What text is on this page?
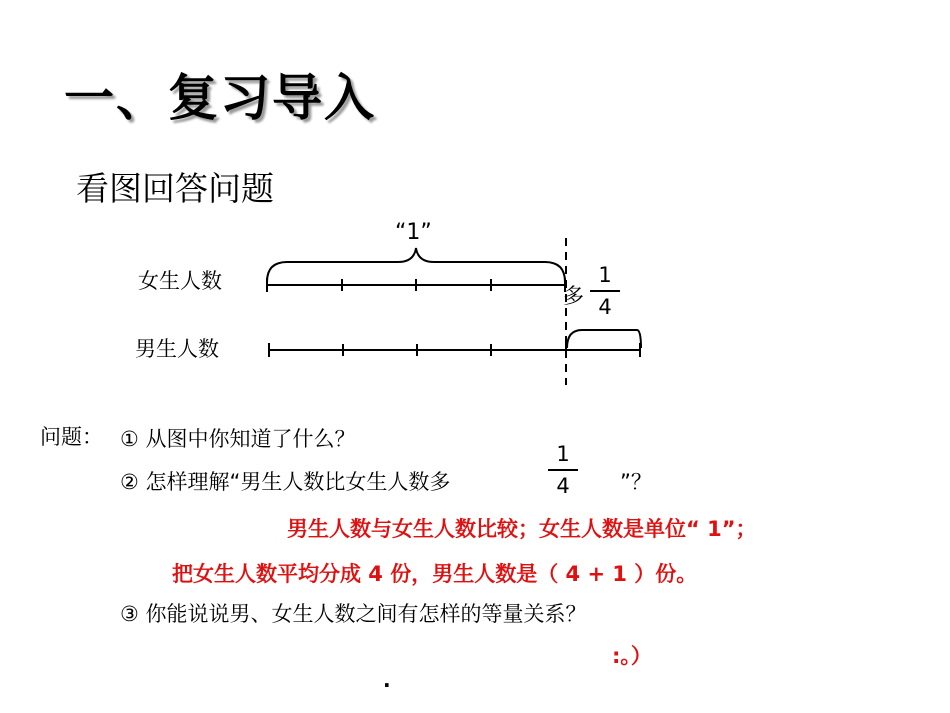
一、复习导入
看图回答问题
“1”
女生人数
男生人数
多
1
4
问题： ① 从图中你知道了什么？
② 怎样理解“男生人数比女生人数多
1
4	”？
男生人数与女生人数比较；女生人数是单位“ 1”；
把女生人数平均分成 4 份，男生人数是（ 4 + 1 ）份。
③ 你能说说男、女生人数之间有怎样的等量关系？
:。）
.
